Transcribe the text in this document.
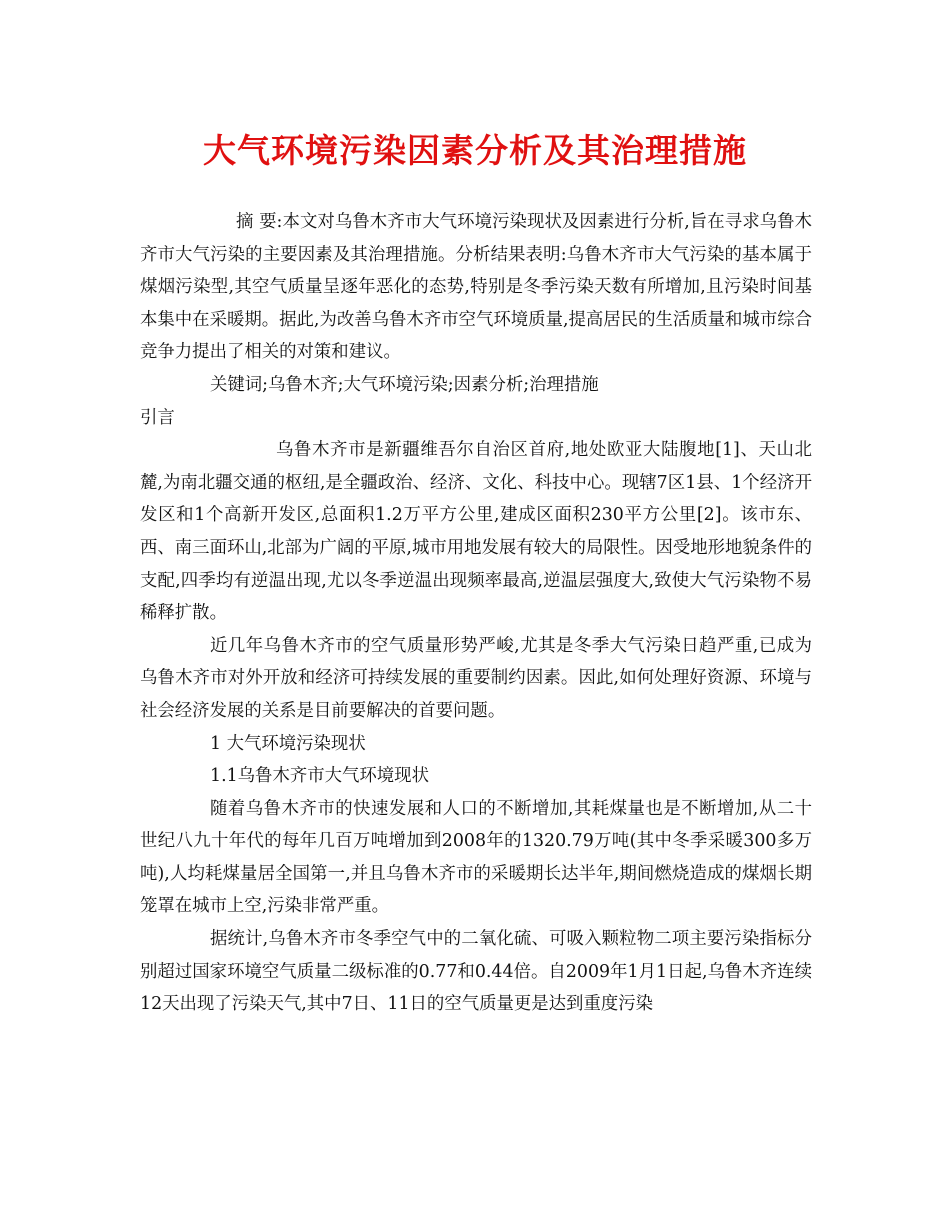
大气环境污染因素分析及其治理措施

摘 要:本文对乌鲁木齐市大气环境污染现状及因素进行分析,旨在寻求乌鲁木齐市大气污染的主要因素及其治理措施。分析结果表明:乌鲁木齐市大气污染的基本属于煤烟污染型,其空气质量呈逐年恶化的态势,特别是冬季污染天数有所增加,且污染时间基本集中在采暖期。据此,为改善乌鲁木齐市空气环境质量,提高居民的生活质量和城市综合竞争力提出了相关的对策和建议。

关键词;乌鲁木齐;大气环境污染;因素分析;治理措施

引言

乌鲁木齐市是新疆维吾尔自治区首府,地处欧亚大陆腹地[1]、天山北麓,为南北疆交通的枢纽,是全疆政治、经济、文化、科技中心。现辖7区1县、1个经济开发区和1个高新开发区,总面积1.2万平方公里,建成区面积230平方公里[2]。该市东、西、南三面环山,北部为广阔的平原,城市用地发展有较大的局限性。因受地形地貌条件的支配,四季均有逆温出现,尤以冬季逆温出现频率最高,逆温层强度大,致使大气污染物不易稀释扩散。

近几年乌鲁木齐市的空气质量形势严峻,尤其是冬季大气污染日趋严重,已成为乌鲁木齐市对外开放和经济可持续发展的重要制约因素。因此,如何处理好资源、环境与社会经济发展的关系是目前要解决的首要问题。

1 大气环境污染现状

1.1乌鲁木齐市大气环境现状

随着乌鲁木齐市的快速发展和人口的不断增加,其耗煤量也是不断增加,从二十世纪八九十年代的每年几百万吨增加到2008年的1320.79万吨(其中冬季采暖300多万吨),人均耗煤量居全国第一,并且乌鲁木齐市的采暖期长达半年,期间燃烧造成的煤烟长期笼罩在城市上空,污染非常严重。

据统计,乌鲁木齐市冬季空气中的二氧化硫、可吸入颗粒物二项主要污染指标分别超过国家环境空气质量二级标准的0.77和0.44倍。自2009年1月1日起,乌鲁木齐连续12天出现了污染天气,其中7日、11日的空气质量更是达到重度污染
